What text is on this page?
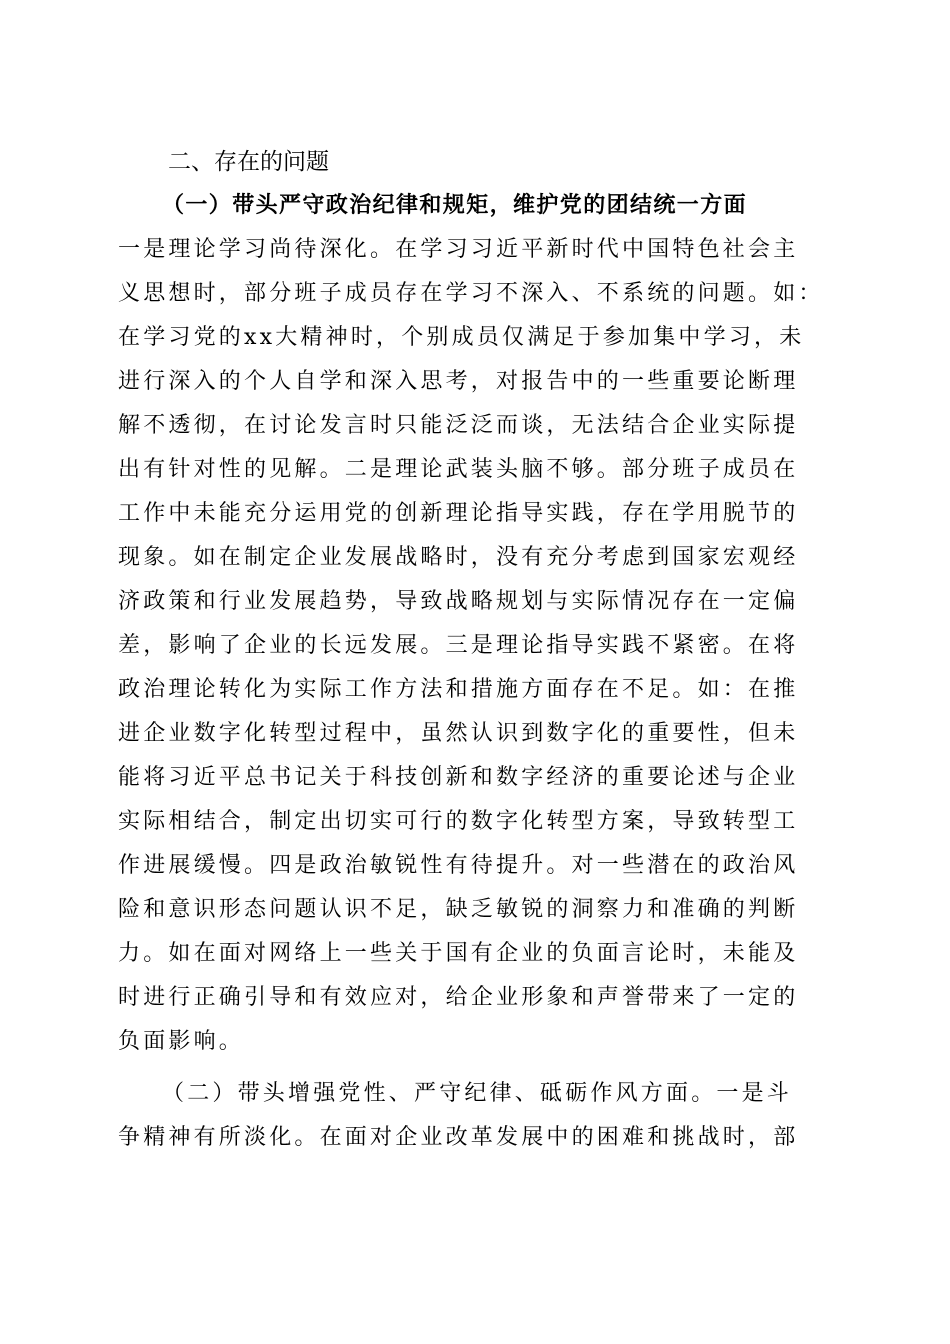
二、存在的问题
（一）带头严守政治纪律和规矩，维护党的团结统一方面
一是理论学习尚待深化。在学习习近平新时代中国特色社会主
义思想时，部分班子成员存在学习不深入、不系统的问题。如：
在学习党的xx大精神时，个别成员仅满足于参加集中学习，未
进行深入的个人自学和深入思考，对报告中的一些重要论断理
解不透彻，在讨论发言时只能泛泛而谈，无法结合企业实际提
出有针对性的见解。二是理论武装头脑不够。部分班子成员在
工作中未能充分运用党的创新理论指导实践，存在学用脱节的
现象。如在制定企业发展战略时，没有充分考虑到国家宏观经
济政策和行业发展趋势，导致战略规划与实际情况存在一定偏
差，影响了企业的长远发展。三是理论指导实践不紧密。在将
政治理论转化为实际工作方法和措施方面存在不足。如：在推
进企业数字化转型过程中，虽然认识到数字化的重要性，但未
能将习近平总书记关于科技创新和数字经济的重要论述与企业
实际相结合，制定出切实可行的数字化转型方案，导致转型工
作进展缓慢。四是政治敏锐性有待提升。对一些潜在的政治风
险和意识形态问题认识不足，缺乏敏锐的洞察力和准确的判断
力。如在面对网络上一些关于国有企业的负面言论时，未能及
时进行正确引导和有效应对，给企业形象和声誉带来了一定的
负面影响。
（二）带头增强党性、严守纪律、砥砺作风方面。一是斗
争精神有所淡化。在面对企业改革发展中的困难和挑战时，部
